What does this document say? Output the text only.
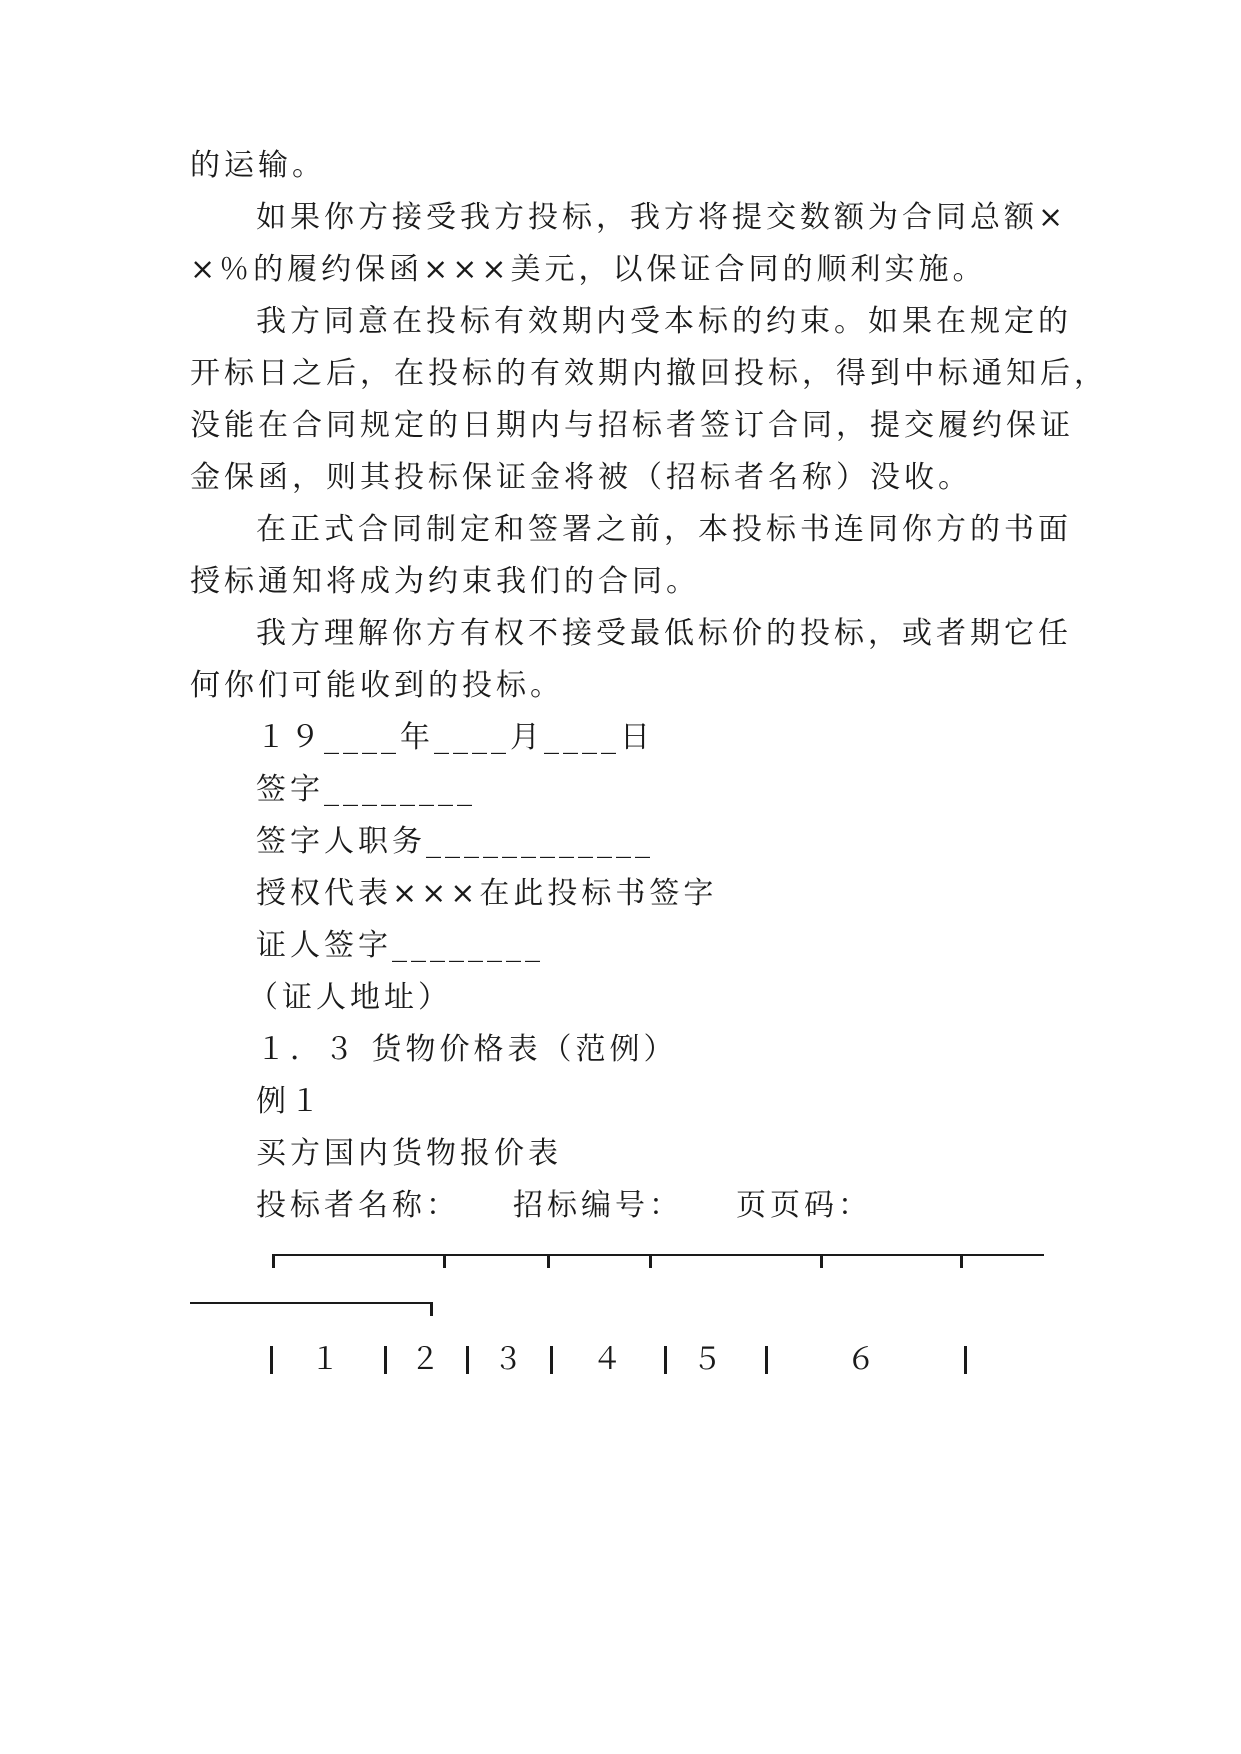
的运输。
如果你方接受我方投标，我方将提交数额为合同总额×
×％的履约保函×××美元，以保证合同的顺利实施。
我方同意在投标有效期内受本标的约束。如果在规定的
开标日之后，在投标的有效期内撤回投标，得到中标通知后，
没能在合同规定的日期内与招标者签订合同，提交履约保证
金保函，则其投标保证金将被（招标者名称）没收。
在正式合同制定和签署之前，本投标书连同你方的书面
授标通知将成为约束我们的合同。
我方理解你方有权不接受最低标价的投标，或者期它任
何你们可能收到的投标。
１９____年____月____日
签字________
签字人职务____________
授权代表×××在此投标书签字
证人签字________
（证人地址）
１．３ 货物价格表（范例）
例１
买方国内货物报价表
投标者名称：　　招标编号：　　页页码：
１ ２ ３ ４ ５	６
